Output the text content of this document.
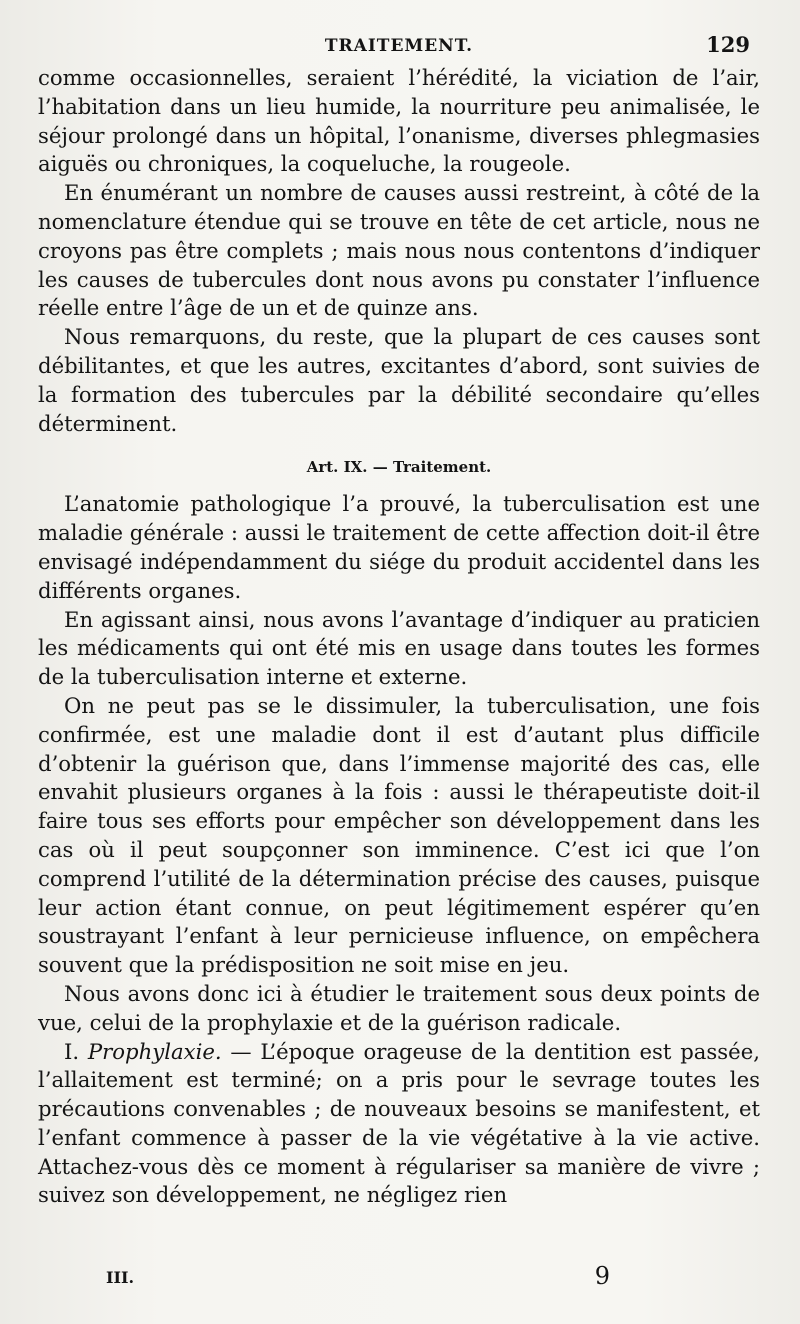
TRAITEMENT.	129

comme occasionnelles, seraient l’hérédité, la viciation de l’air, l’habitation dans un lieu humide, la nourriture peu animalisée, le séjour prolongé dans un hôpital, l’onanisme, diverses phlegmasies aiguës ou chroniques, la coqueluche, la rougeole.

En énumérant un nombre de causes aussi restreint, à côté de la nomenclature étendue qui se trouve en tête de cet article, nous ne croyons pas être complets ; mais nous nous contentons d’indiquer les causes de tubercules dont nous avons pu constater l’influence réelle entre l’âge de un et de quinze ans.

Nous remarquons, du reste, que la plupart de ces causes sont débilitantes, et que les autres, excitantes d’abord, sont suivies de la formation des tubercules par la débilité secondaire qu’elles déterminent.

Art. IX. — Traitement.

L’anatomie pathologique l’a prouvé, la tuberculisation est une maladie générale : aussi le traitement de cette affection doit-il être envisagé indépendamment du siége du produit accidentel dans les différents organes.

En agissant ainsi, nous avons l’avantage d’indiquer au praticien les médicaments qui ont été mis en usage dans toutes les formes de la tuberculisation interne et externe.

On ne peut pas se le dissimuler, la tuberculisation, une fois confirmée, est une maladie dont il est d’autant plus difficile d’obtenir la guérison que, dans l’immense majorité des cas, elle envahit plusieurs organes à la fois : aussi le thérapeutiste doit-il faire tous ses efforts pour empêcher son développement dans les cas où il peut soupçonner son imminence. C’est ici que l’on comprend l’utilité de la détermination précise des causes, puisque leur action étant connue, on peut légitimement espérer qu’en soustrayant l’enfant à leur pernicieuse influence, on empêchera souvent que la prédisposition ne soit mise en jeu.

Nous avons donc ici à étudier le traitement sous deux points de vue, celui de la prophylaxie et de la guérison radicale.

I. Prophylaxie. — L’époque orageuse de la dentition est passée, l’allaitement est terminé; on a pris pour le sevrage toutes les précautions convenables ; de nouveaux besoins se manifestent, et l’enfant commence à passer de la vie végétative à la vie active. Attachez-vous dès ce moment à régulariser sa manière de vivre ; suivez son développement, ne négligez rien

III.	9
